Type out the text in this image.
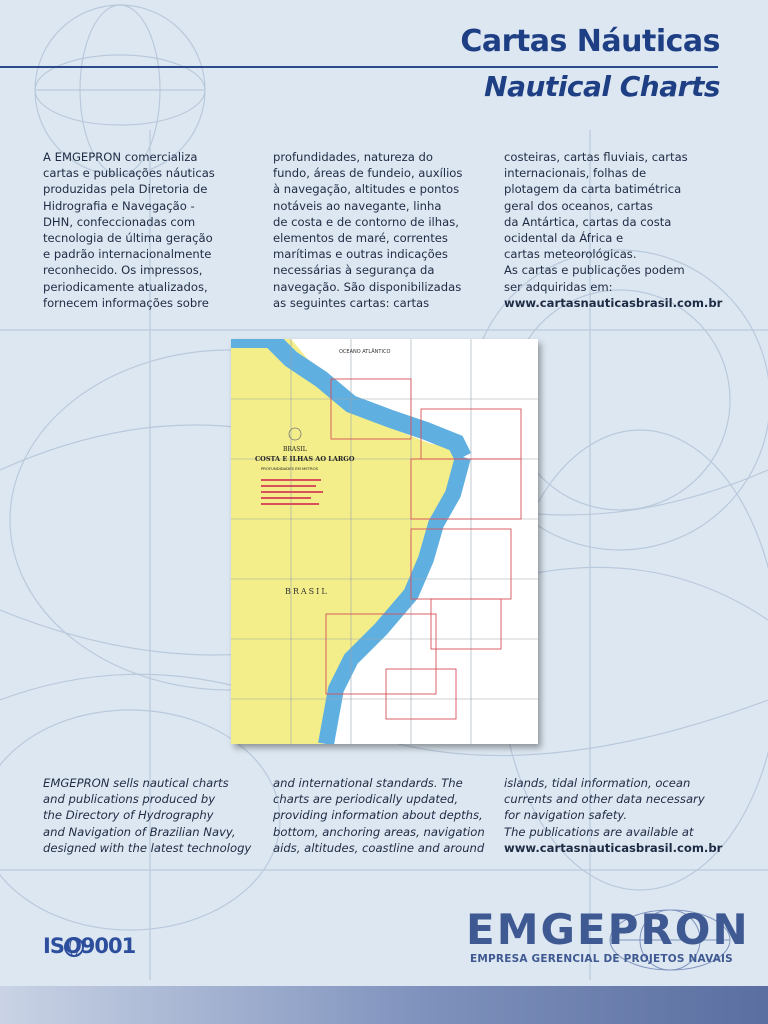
Cartas Náuticas
Nautical Charts

A EMGEPRON comercializa
cartas e publicações náuticas
produzidas pela Diretoria de
Hidrografia e Navegação -
DHN, confeccionadas com
tecnologia de última geração
e padrão internacionalmente
reconhecido. Os impressos,
periodicamente atualizados,
fornecem informações sobre

profundidades, natureza do
fundo, áreas de fundeio, auxílios
à navegação, altitudes e pontos
notáveis ao navegante, linha
de costa e de contorno de ilhas,
elementos de maré, correntes
marítimas e outras indicações
necessárias à segurança da
navegação. São disponibilizadas
as seguintes cartas: cartas

costeiras, cartas fluviais, cartas
internacionais, folhas de
plotagem da carta batimétrica
geral dos oceanos, cartas
da Antártica, cartas da costa
ocidental da África e
cartas meteorológicas.
As cartas e publicações podem
ser adquiridas em:

www.cartasnauticasbrasil.com.br
OCEANO ATLÂNTICO
BRASIL
BRASIL
COSTA E ILHAS AO LARGO
PROFUNDIDADES EM METROS

EMGEPRON sells nautical charts
and publications produced by
the Directory of Hydrography
and Navigation of Brazilian Navy,
designed with the latest technology

and international standards. The
charts are periodically updated,
providing information about depths,
bottom, anchoring areas, navigation
aids, altitudes, coastline and around

islands, tidal information, ocean
currents and other data necessary
for navigation safety.
The publications are available at

www.cartasnauticasbrasil.com.br
ISO9001	EMGEPRON
EMPRESA GERENCIAL DE PROJETOS NAVAIS
